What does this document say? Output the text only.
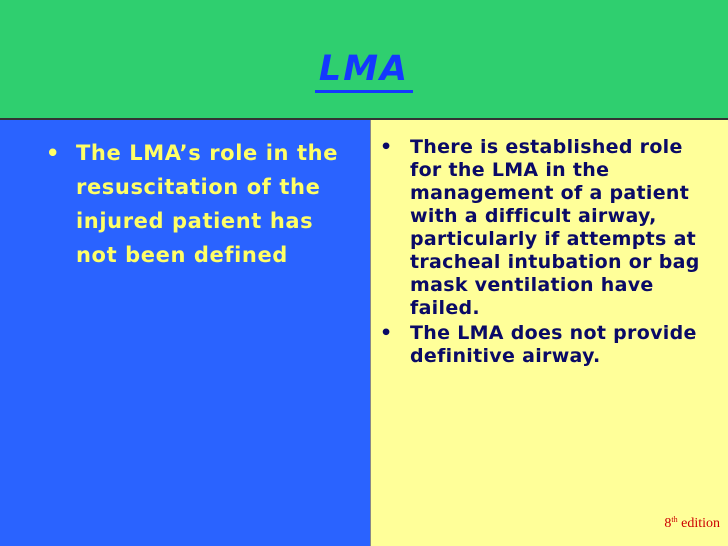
LMA
• The LMA’s role in the resuscitation of the injured patient has not been defined
• There is established role for the LMA in the management of a patient with a difficult airway, particularly if attempts at tracheal intubation or bag mask ventilation have failed.
• The LMA does not provide definitive airway.
8th edition
